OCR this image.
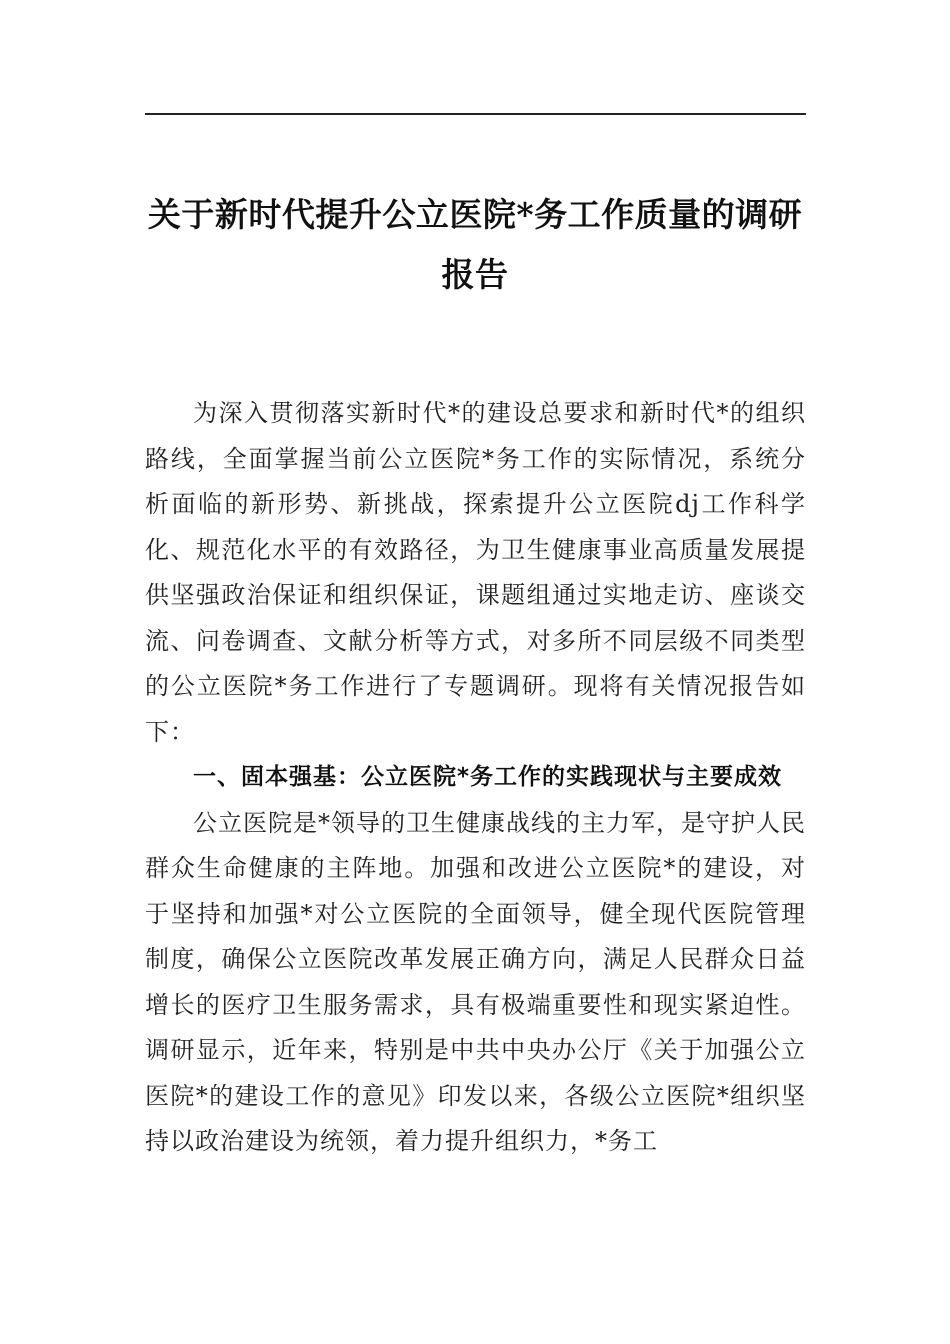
关于新时代提升公立医院*务工作质量的调研报告

为深入贯彻落实新时代*的建设总要求和新时代*的组织路线，全面掌握当前公立医院*务工作的实际情况，系统分析面临的新形势、新挑战，探索提升公立医院dj工作科学化、规范化水平的有效路径，为卫生健康事业高质量发展提供坚强政治保证和组织保证，课题组通过实地走访、座谈交流、问卷调查、文献分析等方式，对多所不同层级不同类型的公立医院*务工作进行了专题调研。现将有关情况报告如下：

一、固本强基：公立医院*务工作的实践现状与主要成效

公立医院是*领导的卫生健康战线的主力军，是守护人民群众生命健康的主阵地。加强和改进公立医院*的建设，对于坚持和加强*对公立医院的全面领导，健全现代医院管理制度，确保公立医院改革发展正确方向，满足人民群众日益增长的医疗卫生服务需求，具有极端重要性和现实紧迫性。调研显示，近年来，特别是中共中央办公厅《关于加强公立医院*的建设工作的意见》印发以来，各级公立医院*组织坚持以政治建设为统领，着力提升组织力，*务工
